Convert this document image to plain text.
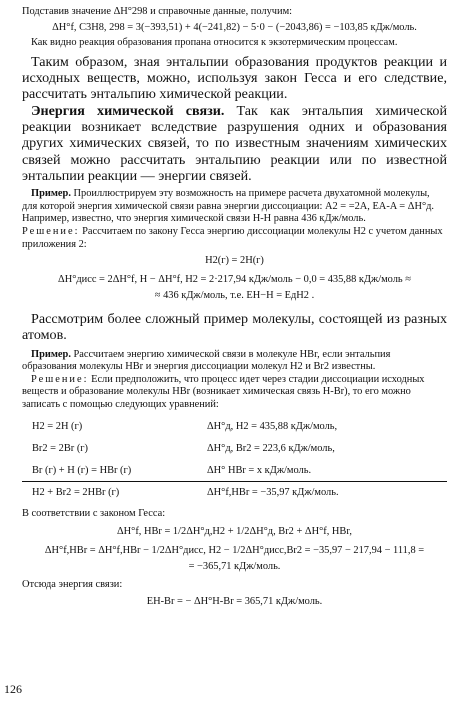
Подставив значение ΔH°298 и справочные данные, получим:

ΔH°f, C3H8, 298 = 3(−393,51) + 4(−241,82) − 5·0 − (−2043,86) = −103,85 кДж/моль.

Как видно реакция образования пропана относится к экзотермическим процессам.

Таким образом, зная энтальпии образования продуктов реакции и исходных веществ, можно, используя закон Гесса и его следствие, рассчитать энтальпию химической реакции.

Энергия химической связи. Так как энтальпия химической реакции возникает вследствие разрушения одних и образования других химических связей, то по известным значениям химических связей можно рассчитать энтальпию реакции или по известной энтальпии реакции — энергии связей.

Пример. Проиллюстрируем эту возможность на примере расчета двухатомной молекулы, для которой энергия химической связи равна энергии диссоциации: A2 = =2A, EA-A = ΔH°д.

Например, известно, что энергия химической связи Н-Н равна 436 кДж/моль.

Решение: Рассчитаем по закону Гесса энергию диссоциации молекулы H2 с учетом данных приложения 2:

H2(г) = 2H(г)

ΔH°дисс = 2ΔH°f, H − ΔH°f, H2 = 2·217,94 кДж/моль − 0,0 = 435,88 кДж/моль ≈

≈ 436 кДж/моль, т.е. EH−H = EдH2 .

Рассмотрим более сложный пример молекулы, состоящей из разных атомов.

Пример. Рассчитаем энергию химической связи в молекуле HBr, если энтальпия образования молекулы HBr и энергия диссоциации молекул H2 и Br2 известны.

Решение: Если предположить, что процесс идет через стадии диссоциации исходных веществ и образование молекулы HBr (возникает химическая связь H-Br), то его можно записать с помощью следующих уравнений:

H2 = 2H (г)	ΔH°д, H2 = 435,88 кДж/моль,
Br2 = 2Br (г)	ΔH°д, Br2 = 223,6 кДж/моль,
Br (г) + H (г) = HBr (г)	ΔH° HBr = x кДж/моль.
H2 + Br2 = 2HBr (г)	ΔH°f,HBr = −35,97 кДж/моль.

В соответствии с законом Гесса:

ΔH°f, HBr = 1/2ΔH°д,H2 + 1/2ΔH°д, Br2 + ΔH°f, HBr,

ΔH°f,HBr = ΔH°f,HBr − 1/2ΔH°дисс, H2 − 1/2ΔH°дисс,Br2 = −35,97 − 217,94 − 111,8 =

= −365,71 кДж/моль.

Отсюда энергия связи:

EH-Br = − ΔH°H-Br = 365,71 кДж/моль.

126
